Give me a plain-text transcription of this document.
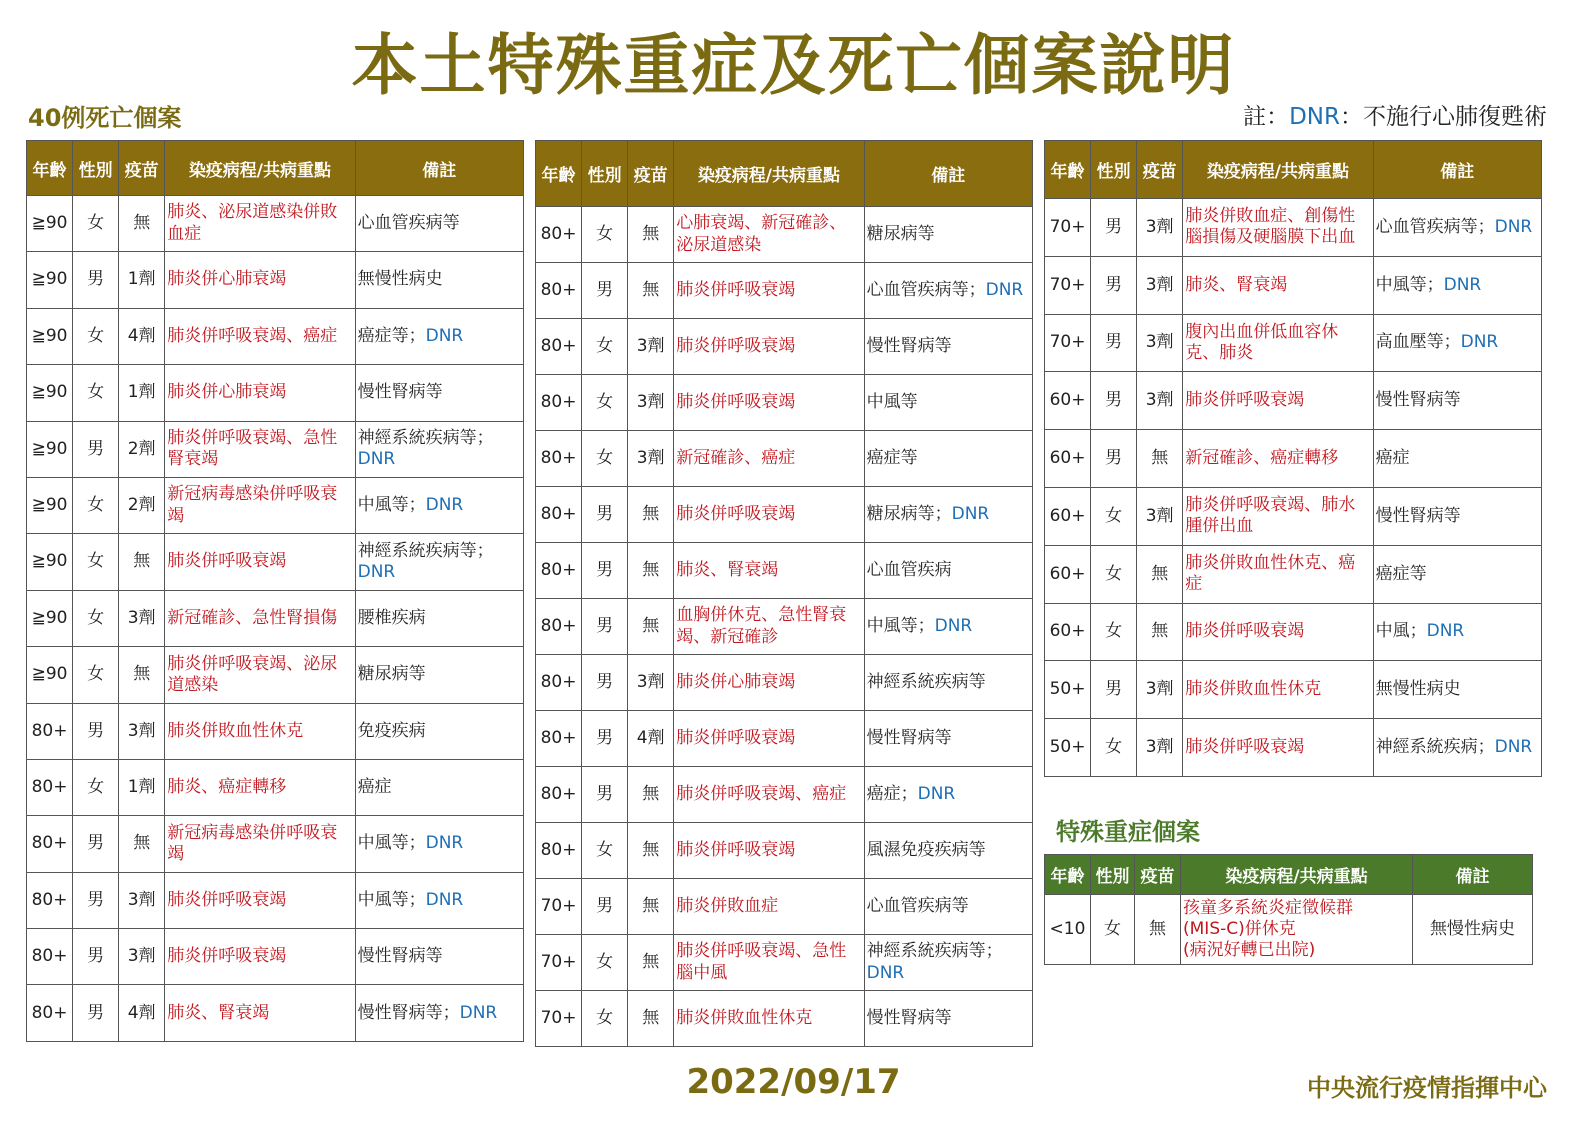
本土特殊重症及死亡個案說明
40例死亡個案	註：DNR：不施行心肺復甦術
年齡	性別	疫苗	染疫病程/共病重點	備註
≧90	女	無	肺炎、泌尿道感染併敗血症	心血管疾病等
≧90	男	1劑	肺炎併心肺衰竭	無慢性病史
≧90	女	4劑	肺炎併呼吸衰竭、癌症	癌症等；DNR
≧90	女	1劑	肺炎併心肺衰竭	慢性腎病等
≧90	男	2劑	肺炎併呼吸衰竭、急性腎衰竭	神經系統疾病等；DNR
≧90	女	2劑	新冠病毒感染併呼吸衰竭	中風等；DNR
≧90	女	無	肺炎併呼吸衰竭	神經系統疾病等；DNR
≧90	女	3劑	新冠確診、急性腎損傷	腰椎疾病
≧90	女	無	肺炎併呼吸衰竭、泌尿道感染	糖尿病等
80+	男	3劑	肺炎併敗血性休克	免疫疾病
80+	女	1劑	肺炎、癌症轉移	癌症
80+	男	無	新冠病毒感染併呼吸衰竭	中風等；DNR
80+	男	3劑	肺炎併呼吸衰竭	中風等；DNR
80+	男	3劑	肺炎併呼吸衰竭	慢性腎病等
80+	男	4劑	肺炎、腎衰竭	慢性腎病等；DNR
年齡	性別	疫苗	染疫病程/共病重點	備註
80+	女	無	心肺衰竭、新冠確診、泌尿道感染	糖尿病等
80+	男	無	肺炎併呼吸衰竭	心血管疾病等；DNR
80+	女	3劑	肺炎併呼吸衰竭	慢性腎病等
80+	女	3劑	肺炎併呼吸衰竭	中風等
80+	女	3劑	新冠確診、癌症	癌症等
80+	男	無	肺炎併呼吸衰竭	糖尿病等；DNR
80+	男	無	肺炎、腎衰竭	心血管疾病
80+	男	無	血胸併休克、急性腎衰竭、新冠確診	中風等；DNR
80+	男	3劑	肺炎併心肺衰竭	神經系統疾病等
80+	男	4劑	肺炎併呼吸衰竭	慢性腎病等
80+	男	無	肺炎併呼吸衰竭、癌症	癌症；DNR
80+	女	無	肺炎併呼吸衰竭	風濕免疫疾病等
70+	男	無	肺炎併敗血症	心血管疾病等
70+	女	無	肺炎併呼吸衰竭、急性腦中風	神經系統疾病等；DNR
70+	女	無	肺炎併敗血性休克	慢性腎病等
年齡	性別	疫苗	染疫病程/共病重點	備註
70+	男	3劑	肺炎併敗血症、創傷性腦損傷及硬腦膜下出血	心血管疾病等；DNR
70+	男	3劑	肺炎、腎衰竭	中風等；DNR
70+	男	3劑	腹內出血併低血容休克、肺炎	高血壓等；DNR
60+	男	3劑	肺炎併呼吸衰竭	慢性腎病等
60+	男	無	新冠確診、癌症轉移	癌症
60+	女	3劑	肺炎併呼吸衰竭、肺水腫併出血	慢性腎病等
60+	女	無	肺炎併敗血性休克、癌症	癌症等
60+	女	無	肺炎併呼吸衰竭	中風；DNR
50+	男	3劑	肺炎併敗血性休克	無慢性病史
50+	女	3劑	肺炎併呼吸衰竭	神經系統疾病；DNR
特殊重症個案
年齡	性別	疫苗	染疫病程/共病重點	備註
<10	女	無	孩童多系統炎症徵候群
(MIS-C)併休克
(病況好轉已出院)	無慢性病史
2022/09/17	中央流行疫情指揮中心
